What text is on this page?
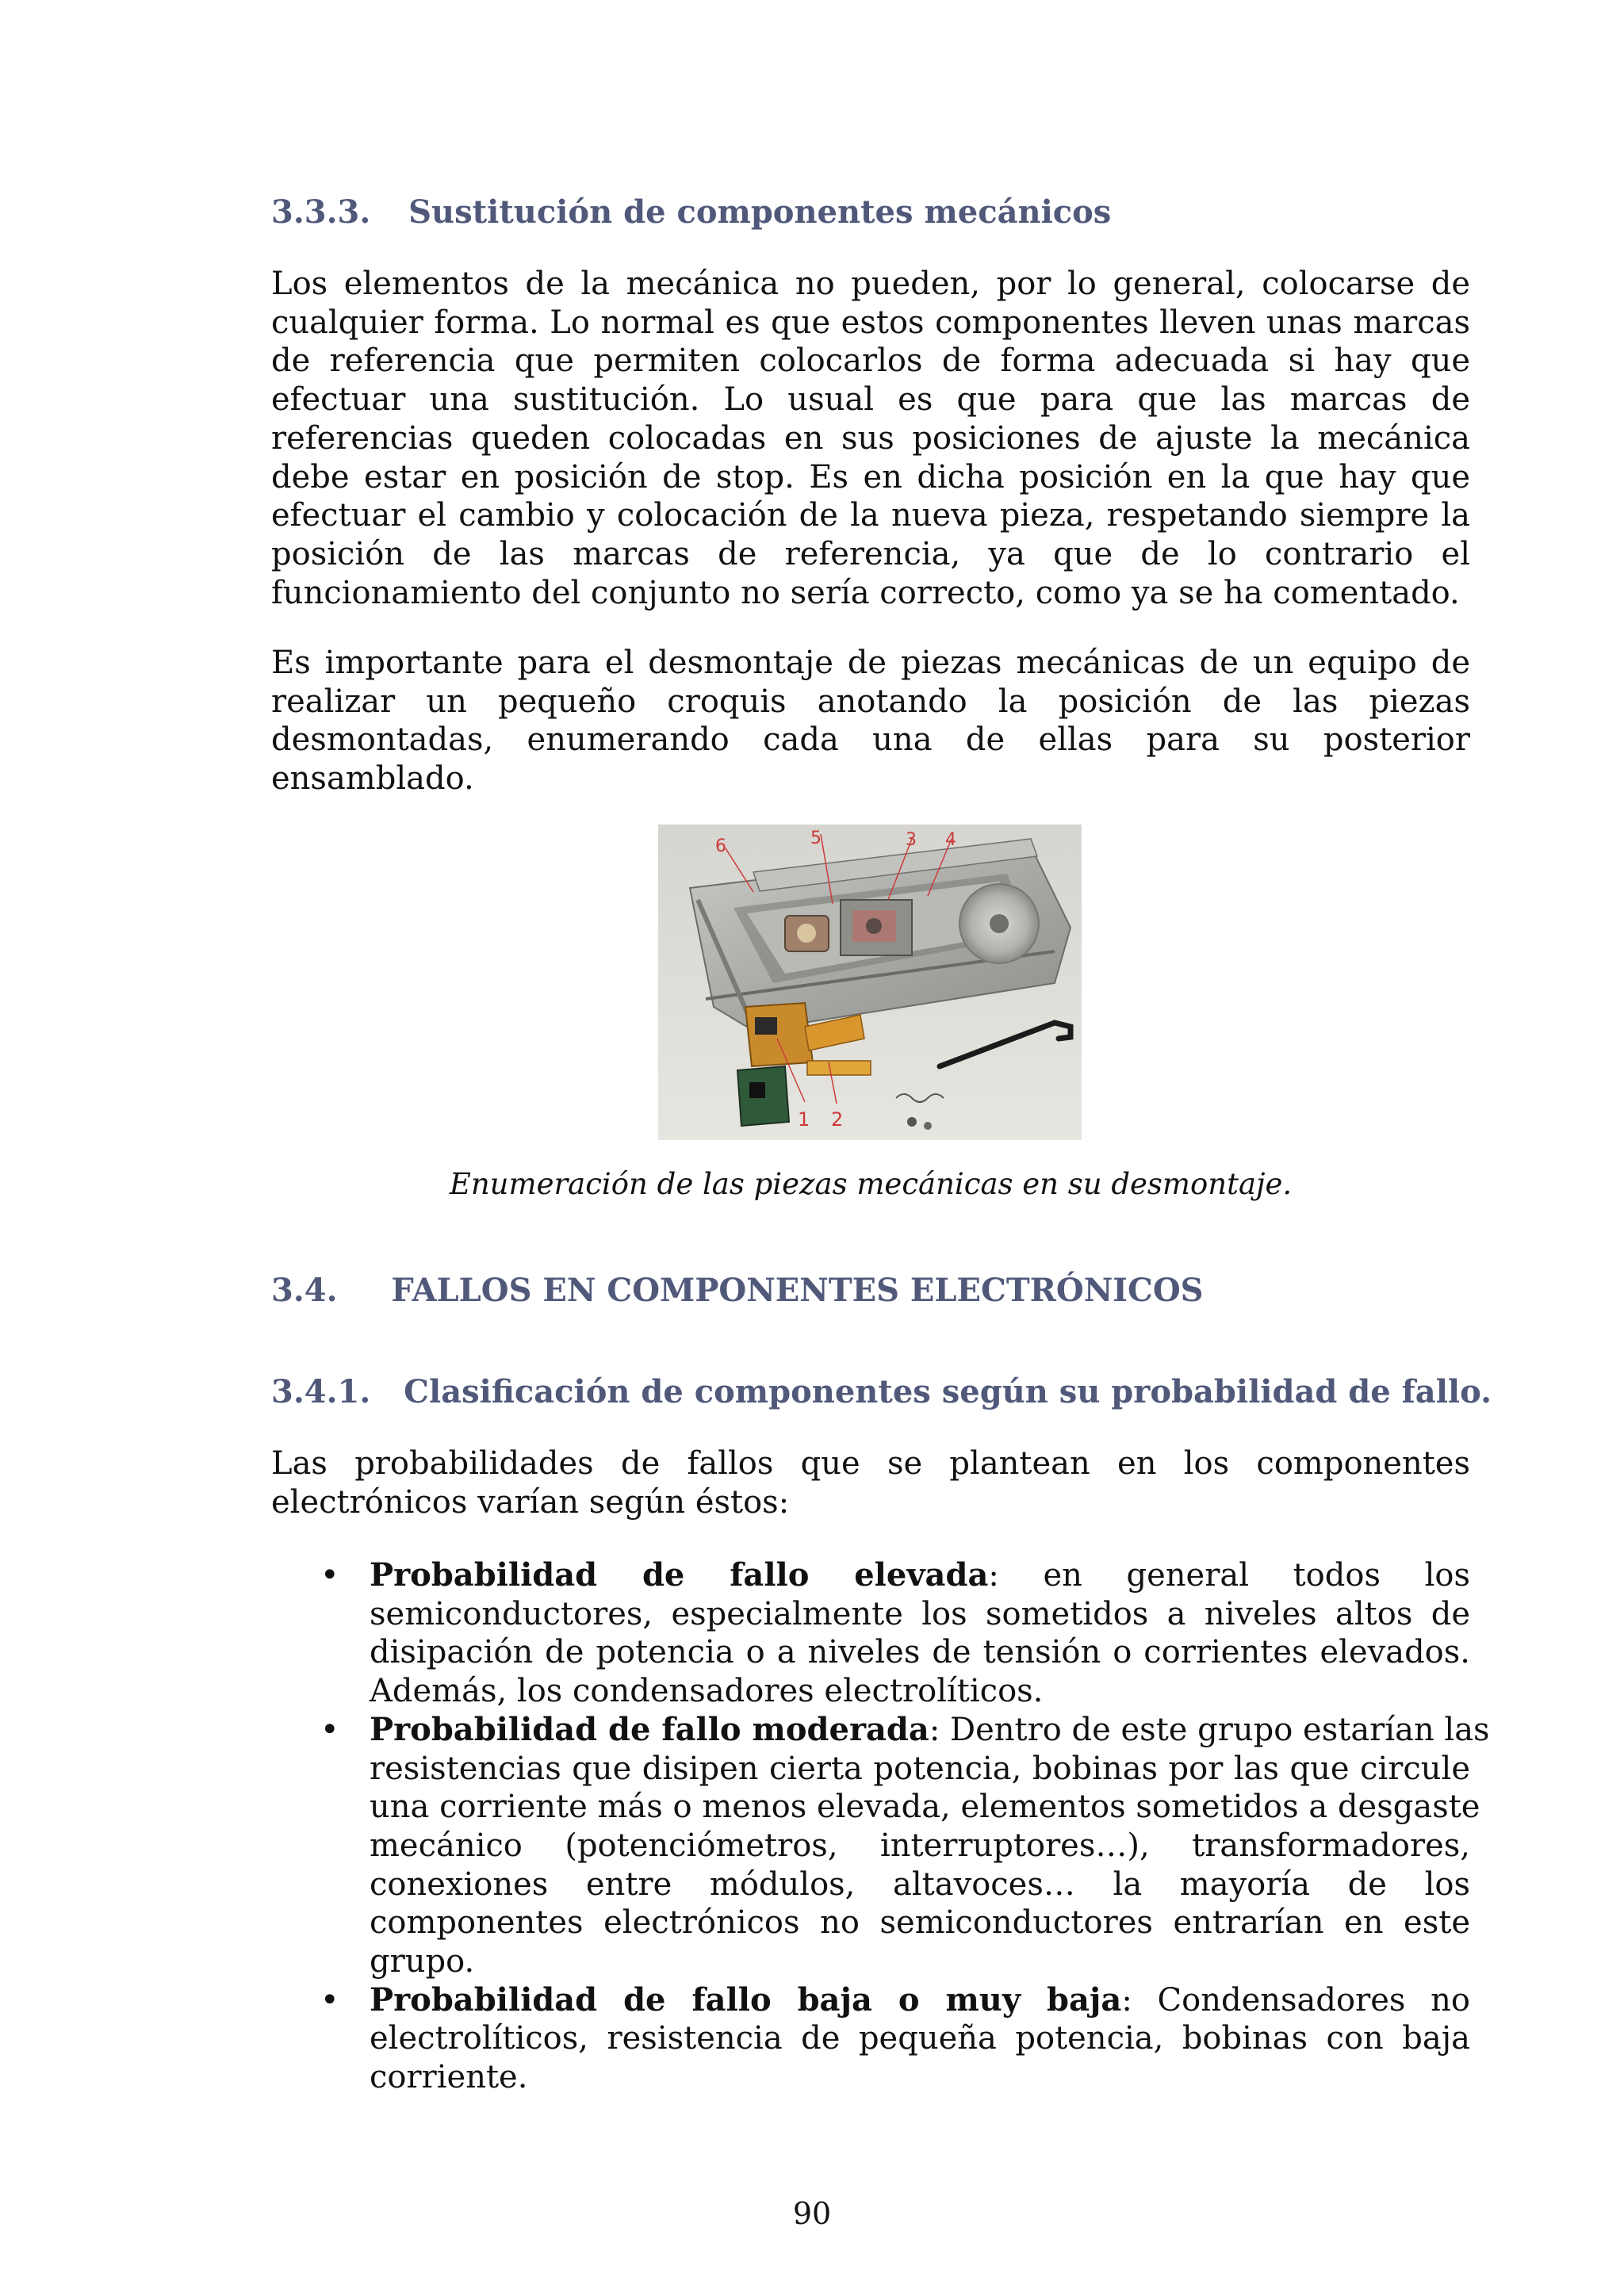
3.3.3. Sustitución de componentes mecánicos
Los elementos de la mecánica no pueden, por lo general, colocarse de
cualquier forma. Lo normal es que estos componentes lleven unas marcas
de referencia que permiten colocarlos de forma adecuada si hay que
efectuar una sustitución. Lo usual es que para que las marcas de
referencias queden colocadas en sus posiciones de ajuste la mecánica
debe estar en posición de stop. Es en dicha posición en la que hay que
efectuar el cambio y colocación de la nueva pieza, respetando siempre la
posición de las marcas de referencia, ya que de lo contrario el
funcionamiento del conjunto no sería correcto, como ya se ha comentado.
Es importante para el desmontaje de piezas mecánicas de un equipo de
realizar un pequeño croquis anotando la posición de las piezas
desmontadas, enumerando cada una de ellas para su posterior
ensamblado.
6	5	3 4
1 2

Enumeración de las piezas mecánicas en su desmontaje.

3.4. FALLOS EN COMPONENTES ELECTRÓNICOS
3.4.1. Clasificación de componentes según su probabilidad de fallo.
Las probabilidades de fallos que se plantean en los componentes
electrónicos varían según éstos:
• Probabilidad de fallo elevada: en general todos los
semiconductores, especialmente los sometidos a niveles altos de
disipación de potencia o a niveles de tensión o corrientes elevados.
Además, los condensadores electrolíticos.
• Probabilidad de fallo moderada: Dentro de este grupo estarían las
resistencias que disipen cierta potencia, bobinas por las que circule
una corriente más o menos elevada, elementos sometidos a desgaste
mecánico (potenciómetros, interruptores…), transformadores,
conexiones entre módulos, altavoces… la mayoría de los
componentes electrónicos no semiconductores entrarían en este
grupo.
• Probabilidad de fallo baja o muy baja: Condensadores no
electrolíticos, resistencia de pequeña potencia, bobinas con baja
corriente.

90
